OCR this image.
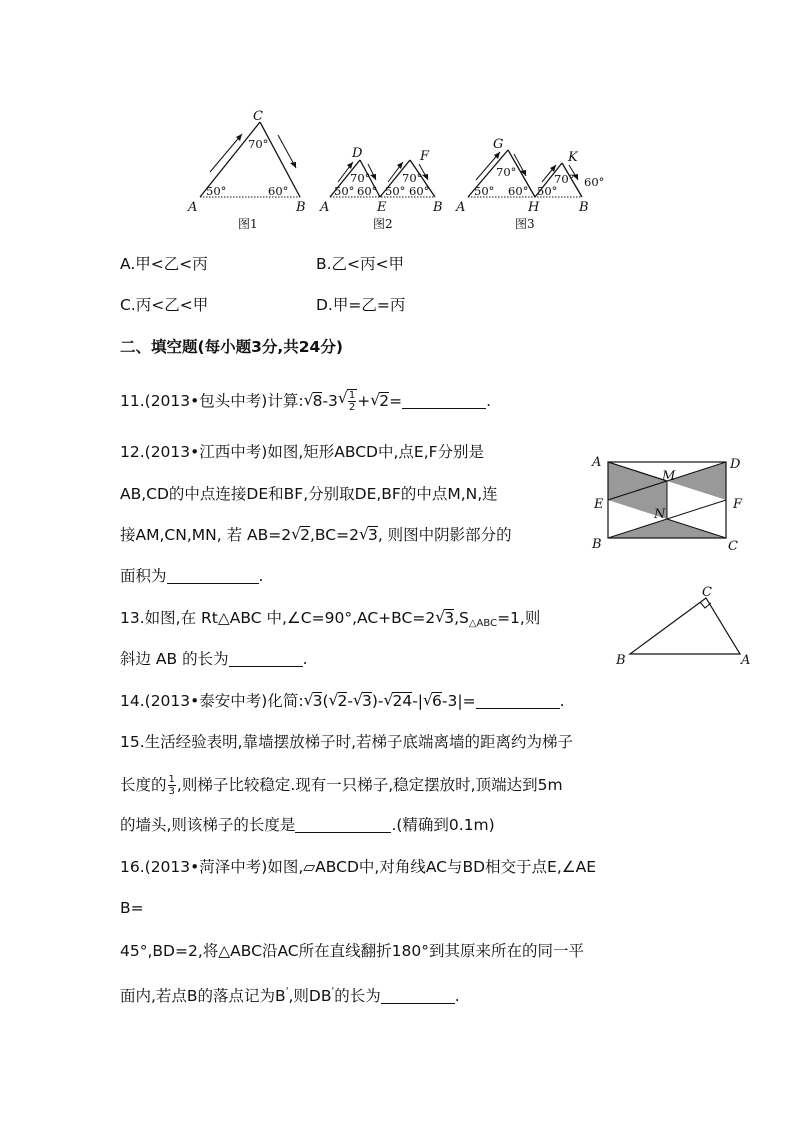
A	B
C
50°	60°
70°
图1
A	E	B
D	F
70°	70°
50° 60° 50° 60°
图2
A	H	B
G
K
70°
50° 60° 50°
70° 60°
图3
A.甲<乙<丙	B.乙<丙<甲
C.丙<乙<甲	D.甲=乙=丙
二、填空题(每小题3分,共24分)
11.(2013•包头中考)计算: √ 8-3 √ $\frac{1}{2}$ + √ 2=	.
12.(2013•江西中考)如图,矩形ABCD中,点E,F分别是
AB,CD的中点连接DE和BF,分别取DE,BF的中点M,N,连
接AM,CN,MN, 若 AB=2 √ 2,BC=2 √ 3, 则图中阴影部分的
面积为	.
A	D
E	F
B	C
M
N
13.如图,在 Rt△ABC 中,∠C=90°,AC+BC=2 √ $3,S_{\triangle ABC}=1$,则
斜边 AB 的长为	.	B
C
A
14.(2013•泰安中考)化简: √ 3( √ 2- √ 3)- √ 24-| √ 6-3|=	.
15.生活经验表明,靠墙摆放梯子时,若梯子底端离墙的距离约为梯子
长度的 $\frac{1}{3}$ ,则梯子比较稳定.现有一只梯子,稳定摆放时,顶端达到5m
的墙头,则该梯子的长度是	.(精确到0.1m)
16.(2013•菏泽中考)如图,▱ABCD中,对角线AC与BD相交于点E,∠AE
B=
45°,BD=2,将△ABC沿AC所在直线翻折180°到其原来所在的同一平
面内,若点B的落点记为B',则DB'的长为	.
